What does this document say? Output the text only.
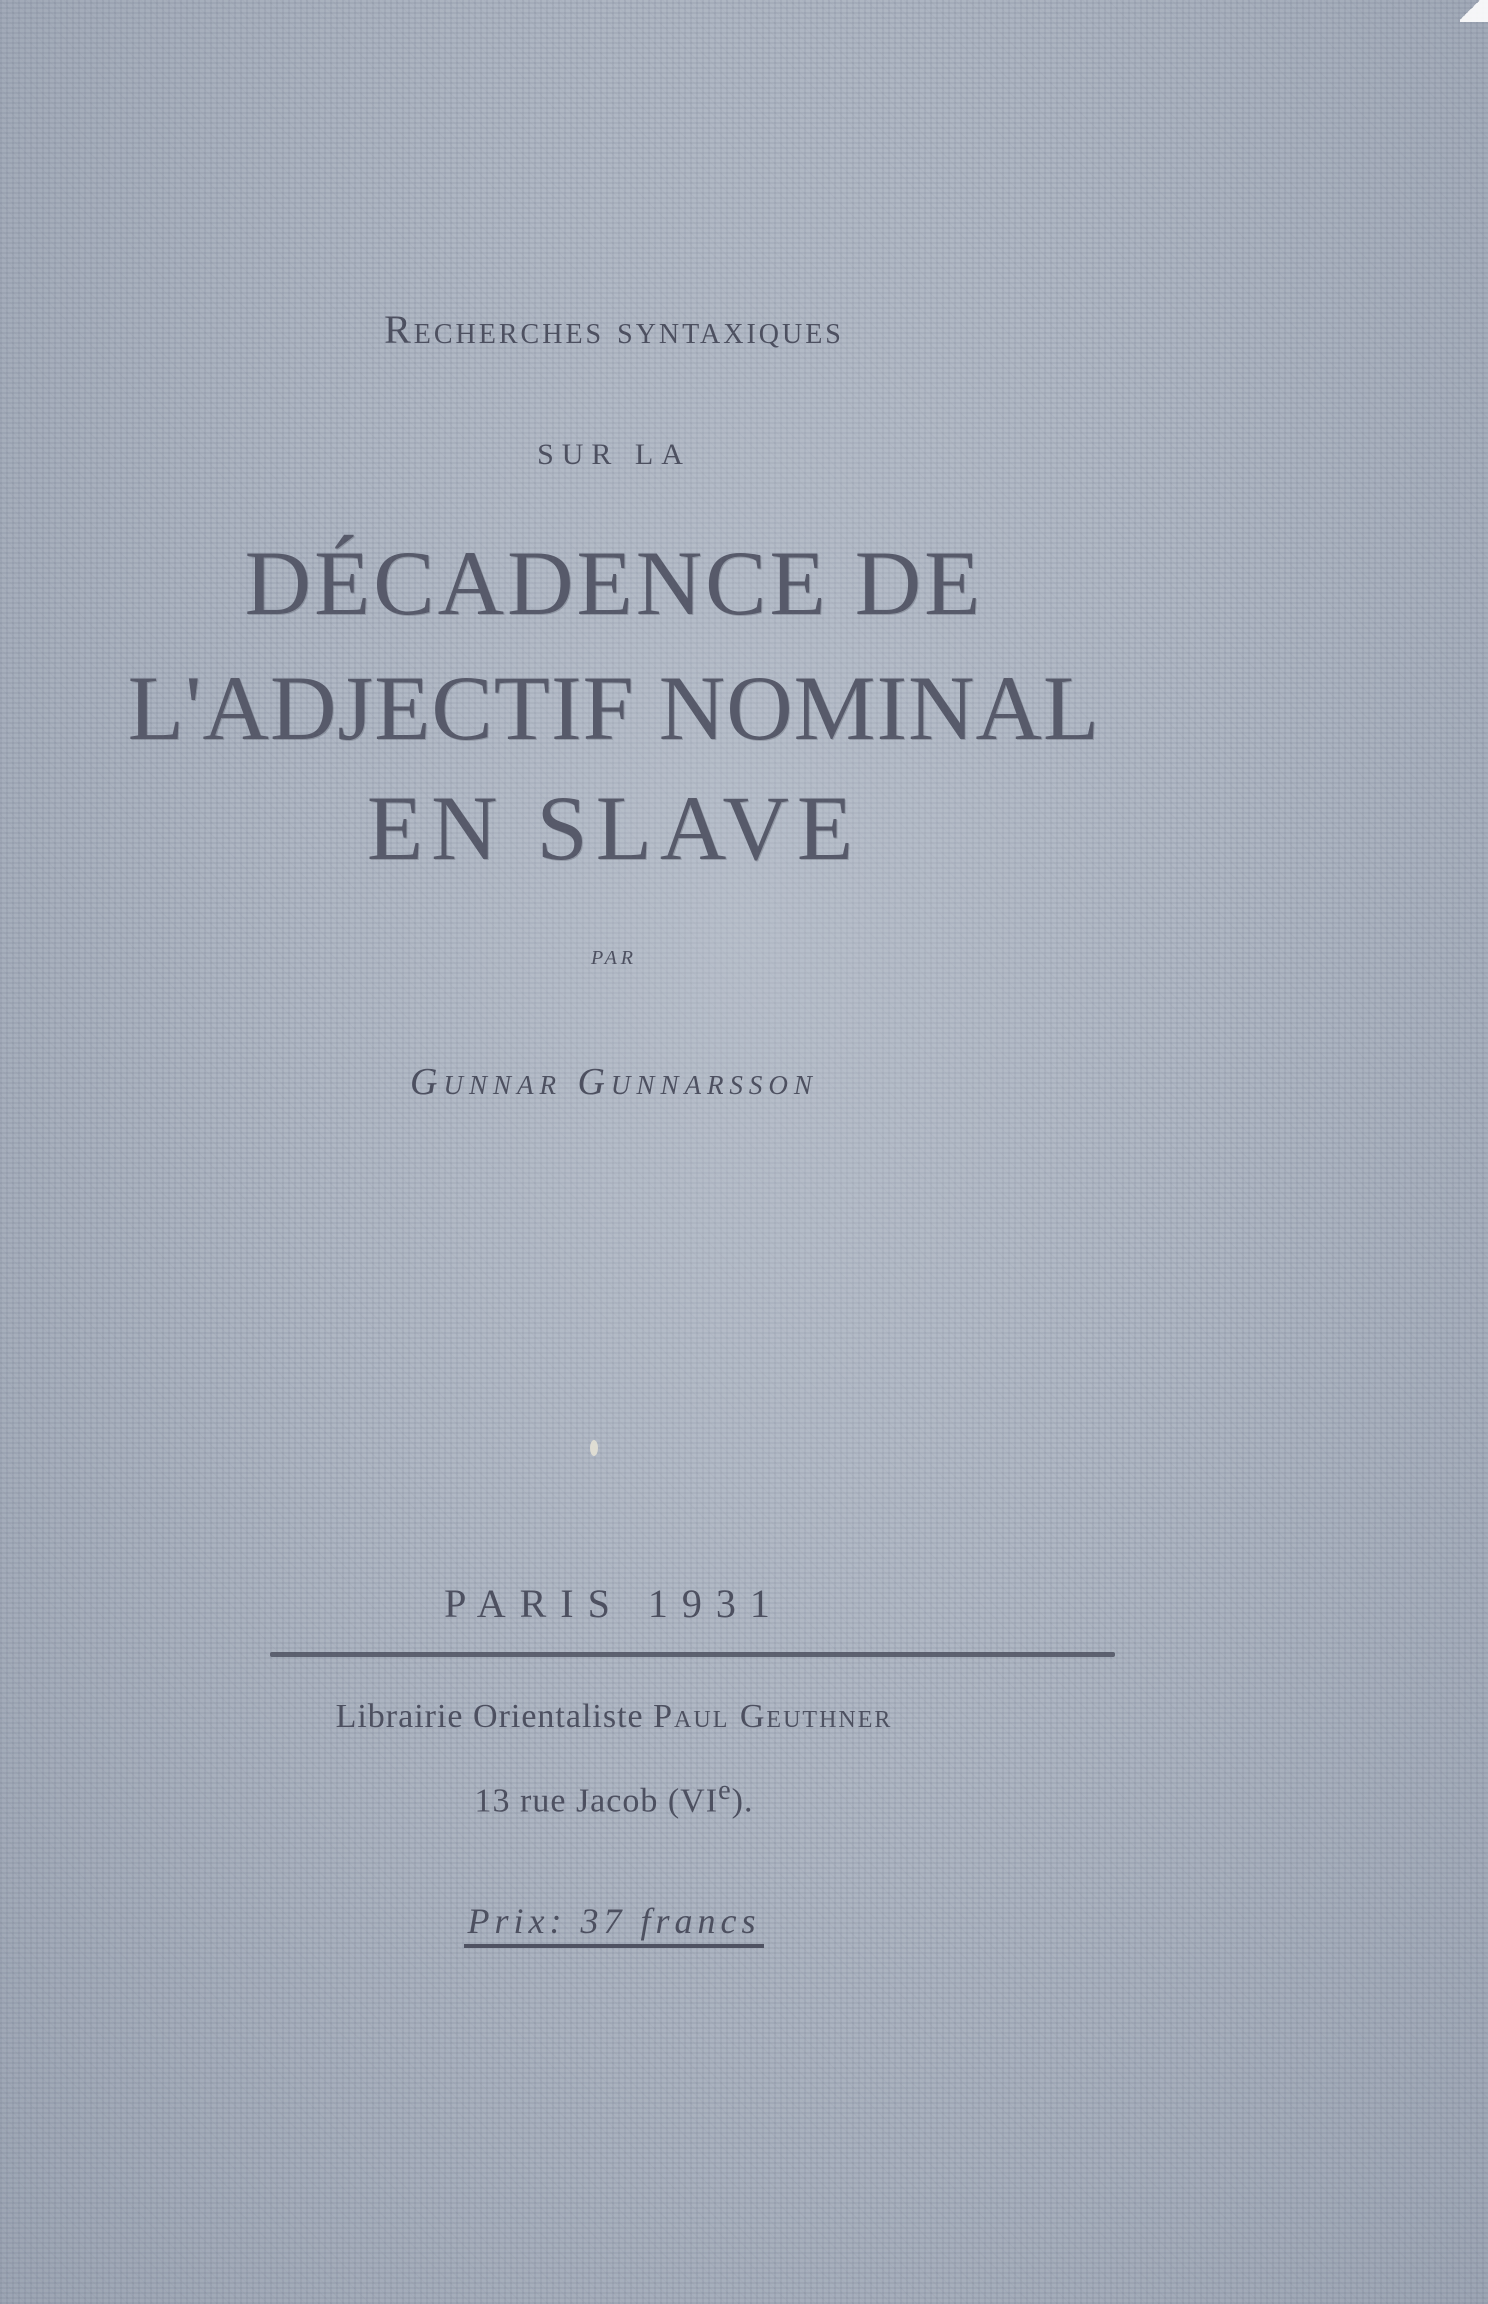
Recherches syntaxiques
SUR LA
DÉCADENCE DE
L'ADJECTIF NOMINAL
EN SLAVE
par
Gunnar Gunnarsson
PARIS 1931
Librairie Orientaliste Paul Geuthner
13 rue Jacob (VIe).
Prix: 37 francs
